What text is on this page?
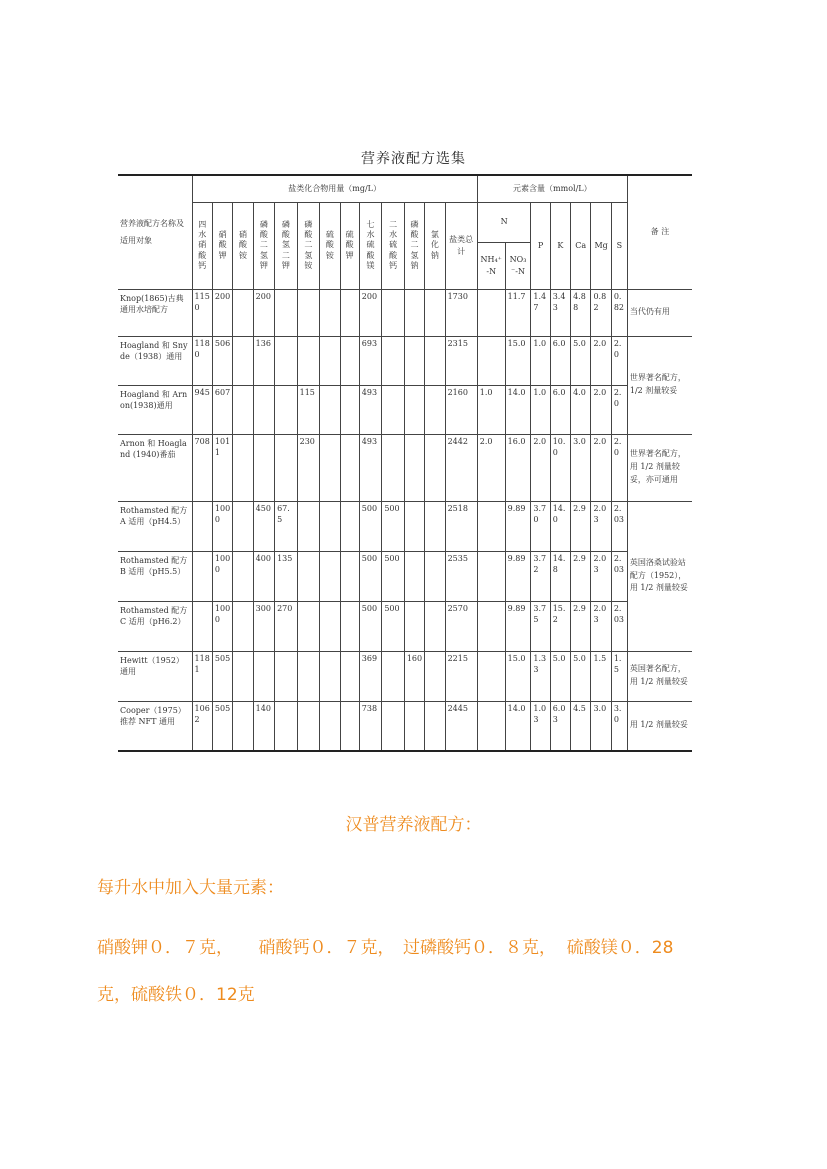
营养液配方选集
营养液配方名称及适用对象	盐类化合物用量（mg/L）													元素含量（mmol/L）							备 注

	四
水
硝
酸
钙	硝
酸
钾	硝
酸
铵	磷
酸
二
氢
钾	磷
酸
氢
二
钾	磷
酸
二
氢
铵	硫
酸
铵	硫
酸
钾	七
水
硫
酸
镁	二
水
硫
酸
钙	磷
酸
二
氢
钠	氯
化
钠	盐类总计	N		P	K	Ca	Mg	S	
														NH₄⁺-N	NO₃⁻-N						
Knop(1865)古典通用水培配方	1150	200		200					200				1730		11.7	1.47	3.43	4.88	0.82	0.82	当代仍有用
Hoagland 和 Snyde（1938）通用	1180	506		136					693				2315		15.0	1.0	6.0	5.0	2.0	2.0	世界著名配方，1/2 剂量较妥
Hoagland 和 Arnon(1938)通用	945	607				115			493				2160	1.0	14.0	1.0	6.0	4.0	2.0	2.0	
Arnon 和 Hoagland (1940)番茄	708	1011				230			493				2442	2.0	16.0	2.0	10.0	3.0	2.0	2.0	世界著名配方，用 1/2 剂量较妥，亦可通用
Rothamsted 配方 A 适用（pH4.5）		1000		450	67.5				500	500			2518		9.89	3.70	14.0	2.9	2.03	2.03	英国洛桑试验站配方（1952），用 1/2 剂量较妥
Rothamsted 配方 B 适用（pH5.5）		1000		400	135				500	500			2535		9.89	3.72	14.8	2.9	2.03	2.03	
Rothamsted 配方 C 适用（pH6.2）		1000		300	270				500	500			2570		9.89	3.75	15.2	2.9	2.03	2.03	
Hewitt（1952）通用	1181	505							369		160		2215		15.0	1.33	5.0	5.0	1.5	1.5	英国著名配方，用 1/2 剂量较妥
Cooper（1975）推荐 NFT 通用	1062	505		140					738				2445		14.0	1.03	6.03	4.5	3.0	3.0	用 1/2 剂量较妥
汉普营养液配方：
每升水中加入大量元素：
硝酸钾０．７克，　　硝酸钙０．７克，　过磷酸钙０．８克，  硫酸镁０．28
克，硫酸铁０．12克
